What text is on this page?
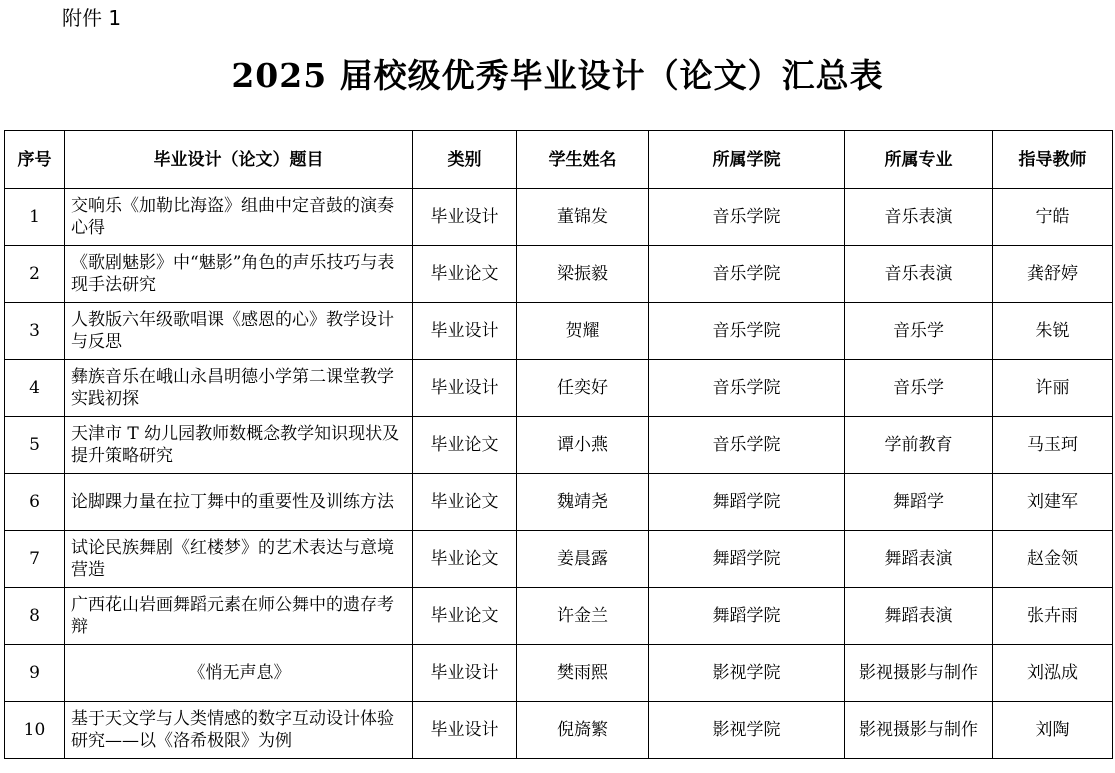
附件 1
2025 届校级优秀毕业设计（论文）汇总表
序号	毕业设计（论文）题目	类别	学生姓名	所属学院	所属专业	指导教师
1	交响乐《加勒比海盗》组曲中定音鼓的演奏心得	毕业设计	董锦发	音乐学院	音乐表演	宁皓
2	《歌剧魅影》中“魅影”角色的声乐技巧与表现手法研究	毕业论文	梁振毅	音乐学院	音乐表演	龚舒婷
3	人教版六年级歌唱课《感恩的心》教学设计与反思	毕业设计	贺耀	音乐学院	音乐学	朱锐
4	彝族音乐在峨山永昌明德小学第二课堂教学实践初探	毕业设计	任奕好	音乐学院	音乐学	许丽
5	天津市 T 幼儿园教师数概念教学知识现状及提升策略研究	毕业论文	谭小燕	音乐学院	学前教育	马玉珂
6	论脚踝力量在拉丁舞中的重要性及训练方法	毕业论文	魏靖尧	舞蹈学院	舞蹈学	刘建军
7	试论民族舞剧《红楼梦》的艺术表达与意境营造	毕业论文	姜晨露	舞蹈学院	舞蹈表演	赵金领
8	广西花山岩画舞蹈元素在师公舞中的遗存考辩	毕业论文	许金兰	舞蹈学院	舞蹈表演	张卉雨
9	《悄无声息》	毕业设计	樊雨熙	影视学院	影视摄影与制作	刘泓成
10	基于天文学与人类情感的数字互动设计体验研究——以《洛希极限》为例	毕业设计	倪旖繁	影视学院	影视摄影与制作	刘陶
